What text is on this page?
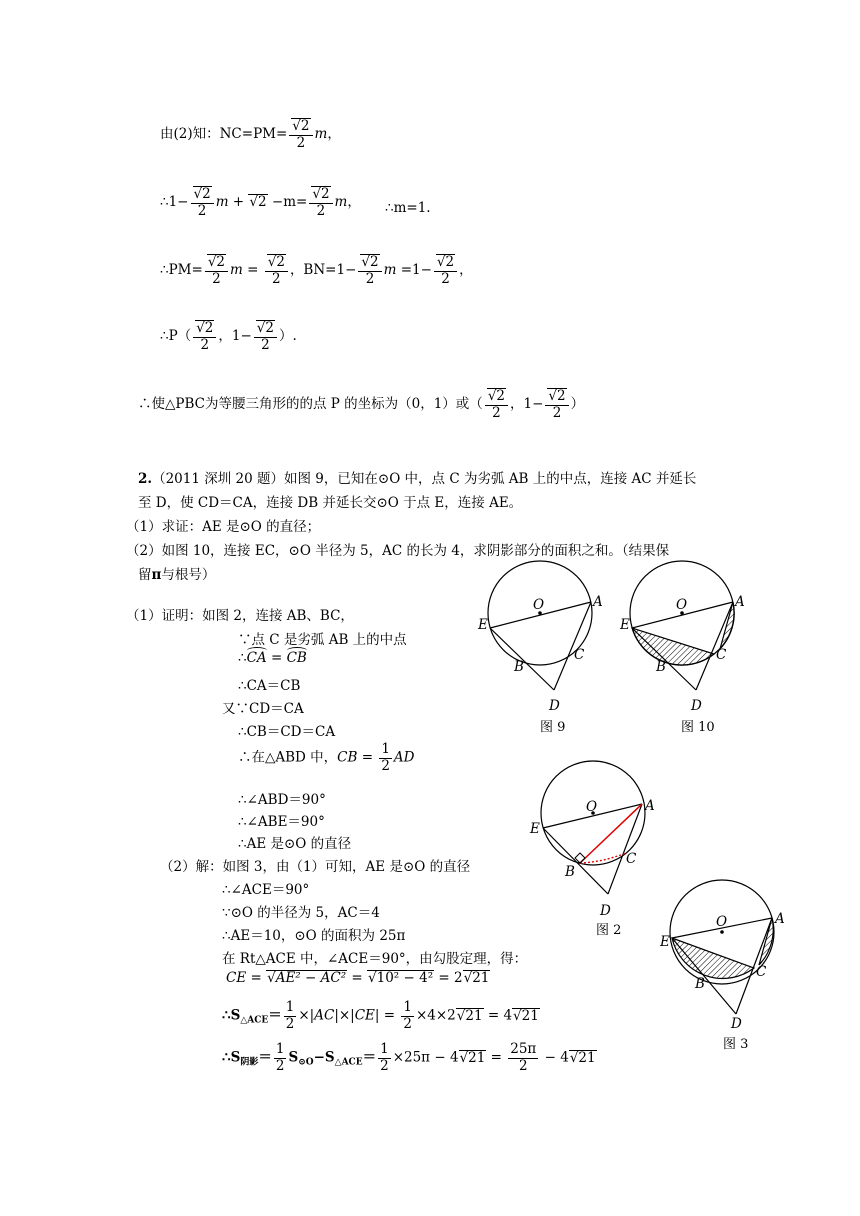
由(2)知：NC=PM=
√ $\frac{2}{2}$ m，
∴1−
√ $\frac{2}{2}$ m + √ 2 −m=
√ $\frac{2}{2}$ m， ∴m=1.
∴PM=
√ $\frac{2}{2}$ m =
√ $\frac{2}{2}$ ，BN=1−
√ $\frac{2}{2}$ m =1−
√ $\frac{2}{2}$ ，
∴P（
√ $\frac{2}{2}$ ，1−
√ $\frac{2}{2}$ ）.
∴使△PBC为等腰三角形的的点 P 的坐标为（0，1）或（
√ $\frac{2}{2}$ ，1−
√ $\frac{2}{2}$ ）
2.（2011 深圳 20 题）如图 9，已知在⊙O 中，点 C 为劣弧 AB 上的中点，连接 AC 并延长
至 D，使 CD＝CA，连接 DB 并延长交⊙O 于点 E，连接 AE。
（1）求证：AE 是⊙O 的直径；
（2）如图 10，连接 EC，⊙O 半径为 5，AC 的长为 4，求阴影部分的面积之和。（结果保
留π与根号）
（1）证明：如图 2，连接 AB、BC，
∵点 C 是劣弧 AB 上的中点
∴
CA =
CB
∴CA＝CB
又∵CD＝CA
∴CB＝CD＝CA
∴在△ABD 中，CB = $\frac{1}{2}$ AD
∴∠ABD＝90°
∴∠ABE＝90°
∴AE 是⊙O 的直径
（2）解：如图 3，由（1）可知，AE 是⊙O 的直径
∴∠ACE＝90°
∵⊙O 的半径为 5，AC＝4
∴AE＝10，⊙O 的面积为 25π
在 Rt△ACE 中，∠ACE＝90°，由勾股定理，得：
CE = √ AE² − AC² = √ 10² − 4² = 2√ 21
$\therefore S_{\triangle ACE}= \frac{1}{2} \times|AC|\times|CE| = \frac{1}{2} \times 4\times 2√$ 21 = 4√ 21
$\therefore S_{阴影}= \frac{1}{2} S_{⊙O}-S_{\triangle ACE}= \frac{1}{2} \times 25\pi - 4√$ $21 = \frac{25\pi}{2} - 4√$ 21
O	A
E
B
C
D
图 9
O	A
E
B
C
D
图 10
O	A
E
B
C
D
图 2
O	A
E
B
C
D
图 3
